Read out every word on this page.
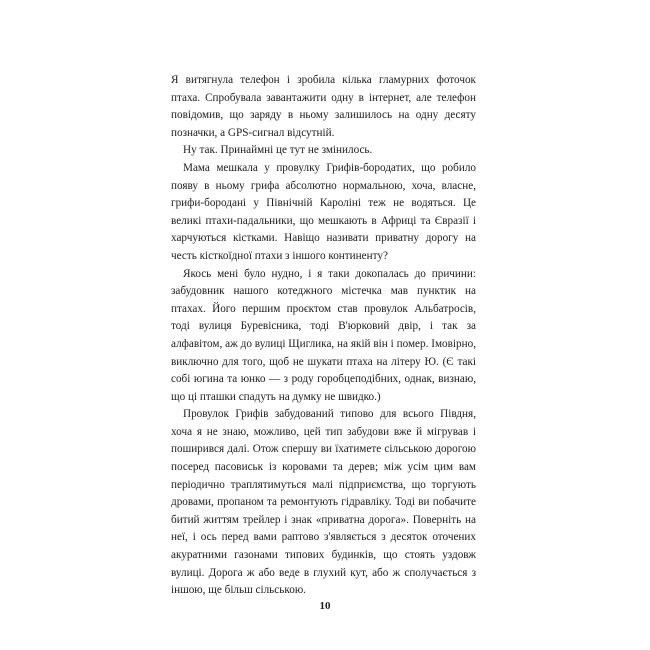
Я витягнула телефон і зробила кілька гламурних фоточок птаха. Спробувала завантажити одну в інтернет, але телефон повідомив, що заряду в ньому залишилось на одну десяту позначки, а GPS-сигнал відсутній.

Ну так. Принаймні це тут не змінилось.

Мама мешкала у провулку Грифів-бородатих, що робило появу в ньому грифа абсолютно нормальною, хоча, власне, грифи-бородані у Північній Кароліні теж не водяться. Це великі птахи-падальники, що мешкають в Африці та Євразії і харчуються кістками. Навіщо називати приватну дорогу на честь кісткоїдної птахи з іншого континенту?

Якось мені було нудно, і я таки докопалась до причини: забудовник нашого котеджного містечка мав пунктик на птахах. Його першим проєктом став провулок Альбатросів, тоді вулиця Буревісника, тоді В'юрковий двір, і так за алфавітом, аж до вулиці Щиглика, на якій він і помер. Імовірно, виключно для того, щоб не шукати птаха на літеру Ю. (Є такі собі югина та юнко — з роду горобцеподібних, однак, визнаю, що ці пташки спадуть на думку не швидко.)

Провулок Грифів забудований типово для всього Півдня, хоча я не знаю, можливо, цей тип забудови вже й мігрував і поширився далі. Отож спершу ви їхатимете сільською дорогою посеред пасовиськ із коровами та дерев; між усім цим вам періодично траплятимуться малі підприємства, що торгують дровами, пропаном та ремонтують гідравліку. Тоді ви побачите битий життям трейлер і знак «приватна дорога». Поверніть на неї, і ось перед вами раптово з'являється з десяток оточених акуратними газонами типових будинків, що стоять уздовж вулиці. Дорога ж або веде в глухий кут, або ж сполучається з іншою, ще більш сільською.

10
